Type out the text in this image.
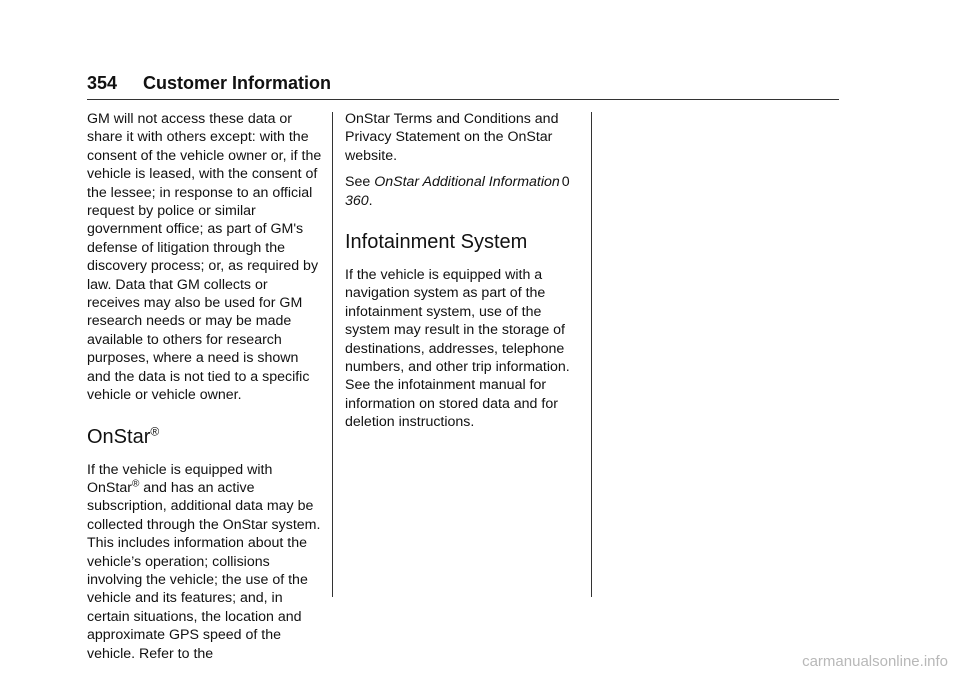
354 Customer Information

GM will not access these data or share it with others except: with the consent of the vehicle owner or, if the vehicle is leased, with the consent of the lessee; in response to an official request by police or similar government office; as part of GM's defense of litigation through the discovery process; or, as required by law. Data that GM collects or receives may also be used for GM research needs or may be made available to others for research purposes, where a need is shown and the data is not tied to a specific vehicle or vehicle owner.

OnStar®

If the vehicle is equipped with OnStar® and has an active subscription, additional data may be collected through the OnStar system. This includes information about the vehicle’s operation; collisions involving the vehicle; the use of the vehicle and its features; and, in certain situations, the location and approximate GPS speed of the vehicle. Refer to the

OnStar Terms and Conditions and Privacy Statement on the OnStar website.

See OnStar Additional Information 0360.

Infotainment System

If the vehicle is equipped with a navigation system as part of the infotainment system, use of the system may result in the storage of destinations, addresses, telephone numbers, and other trip information. See the infotainment manual for information on stored data and for deletion instructions.

carmanualsonline.info
